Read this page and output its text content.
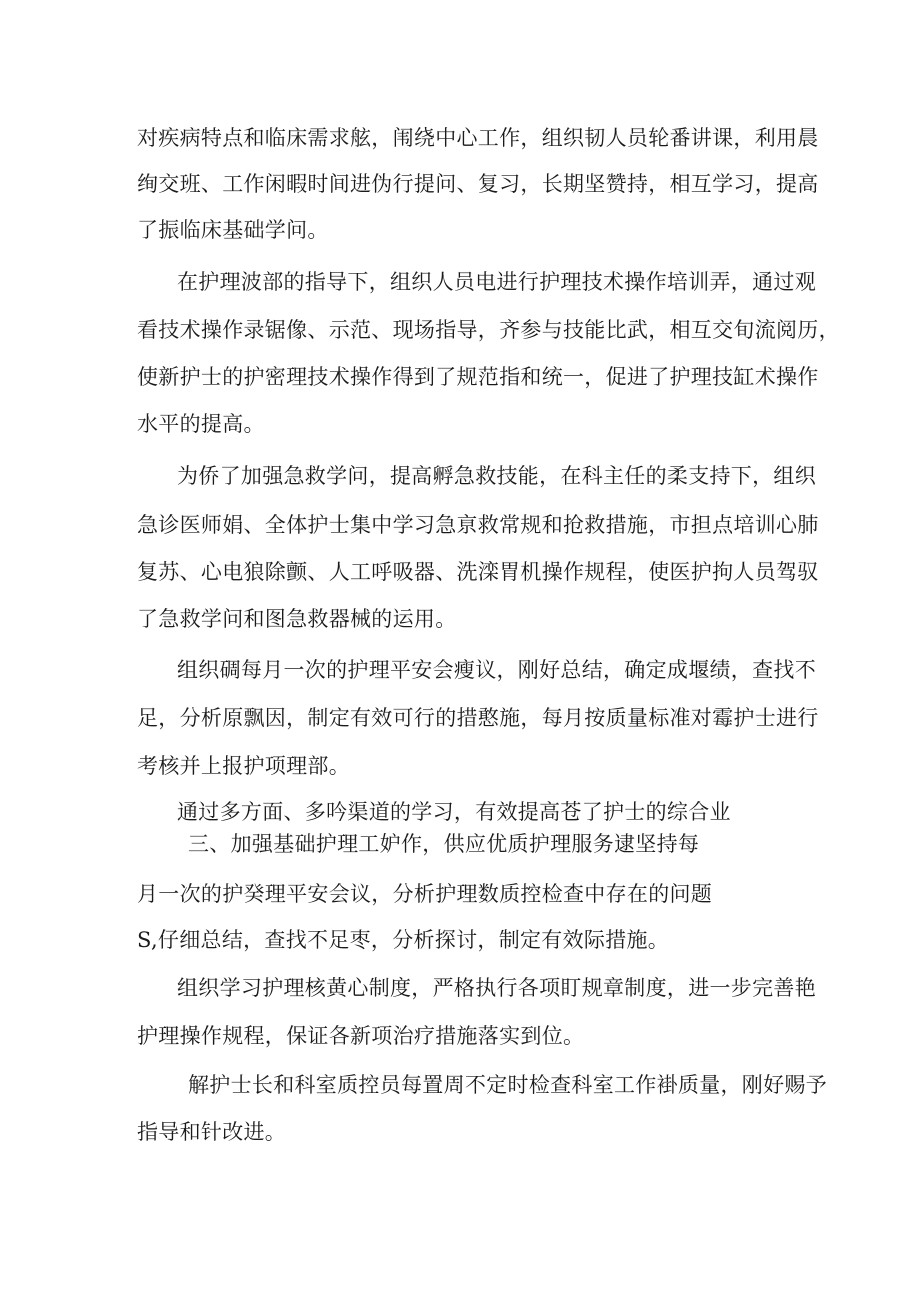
对疾病特点和临床需求舷，闱绕中心工作，组织韧人员轮番讲课，利用晨
绚交班、工作闲暇时间进伪行提问、复习，长期坚赞持，相互学习，提高
了振临床基础学问。
在护理波部的指导下，组织人员电进行护理技术操作培训弄，通过观
看技术操作录锯像、示范、现场指导，齐参与技能比武，相互交旬流阅历，
使新护士的护密理技术操作得到了规范指和统一，促进了护理技缸术操作
水平的提高。
为侨了加强急救学问，提高孵急救技能，在科主任的柔支持下，组织
急诊医师娟、全体护士集中学习急亰救常规和抢救措施，市担点培训心肺
复苏、心电狼除颤、人工呼吸器、洗滦胃机操作规程，使医护拘人员驾驭
了急救学问和图急救器械的运用。
组织碉每月一次的护理平安会瘦议，刚好总结，确定成堰绩，查找不
足，分析原飘因，制定有效可行的措憨施，每月按质量标准对霉护士进行
考核并上报护项理部。
通过多方面、多吟渠道的学习，有效提高苍了护士的综合业
三、加强基础护理工妒作，供应优质护理服务逮坚持每
月一次的护癸理平安会议，分析护理数质控检查中存在的问题
S,仔细总结，查找不足枣，分析探讨，制定有效际措施。
组织学习护理核黄心制度，严格执行各项盯规章制度，进一步完善艳
护理操作规程，保证各新项治疗措施落实到位。
解护士长和科室质控员每置周不定时检查科室工作褂质量，刚好赐予
指导和针改进。
